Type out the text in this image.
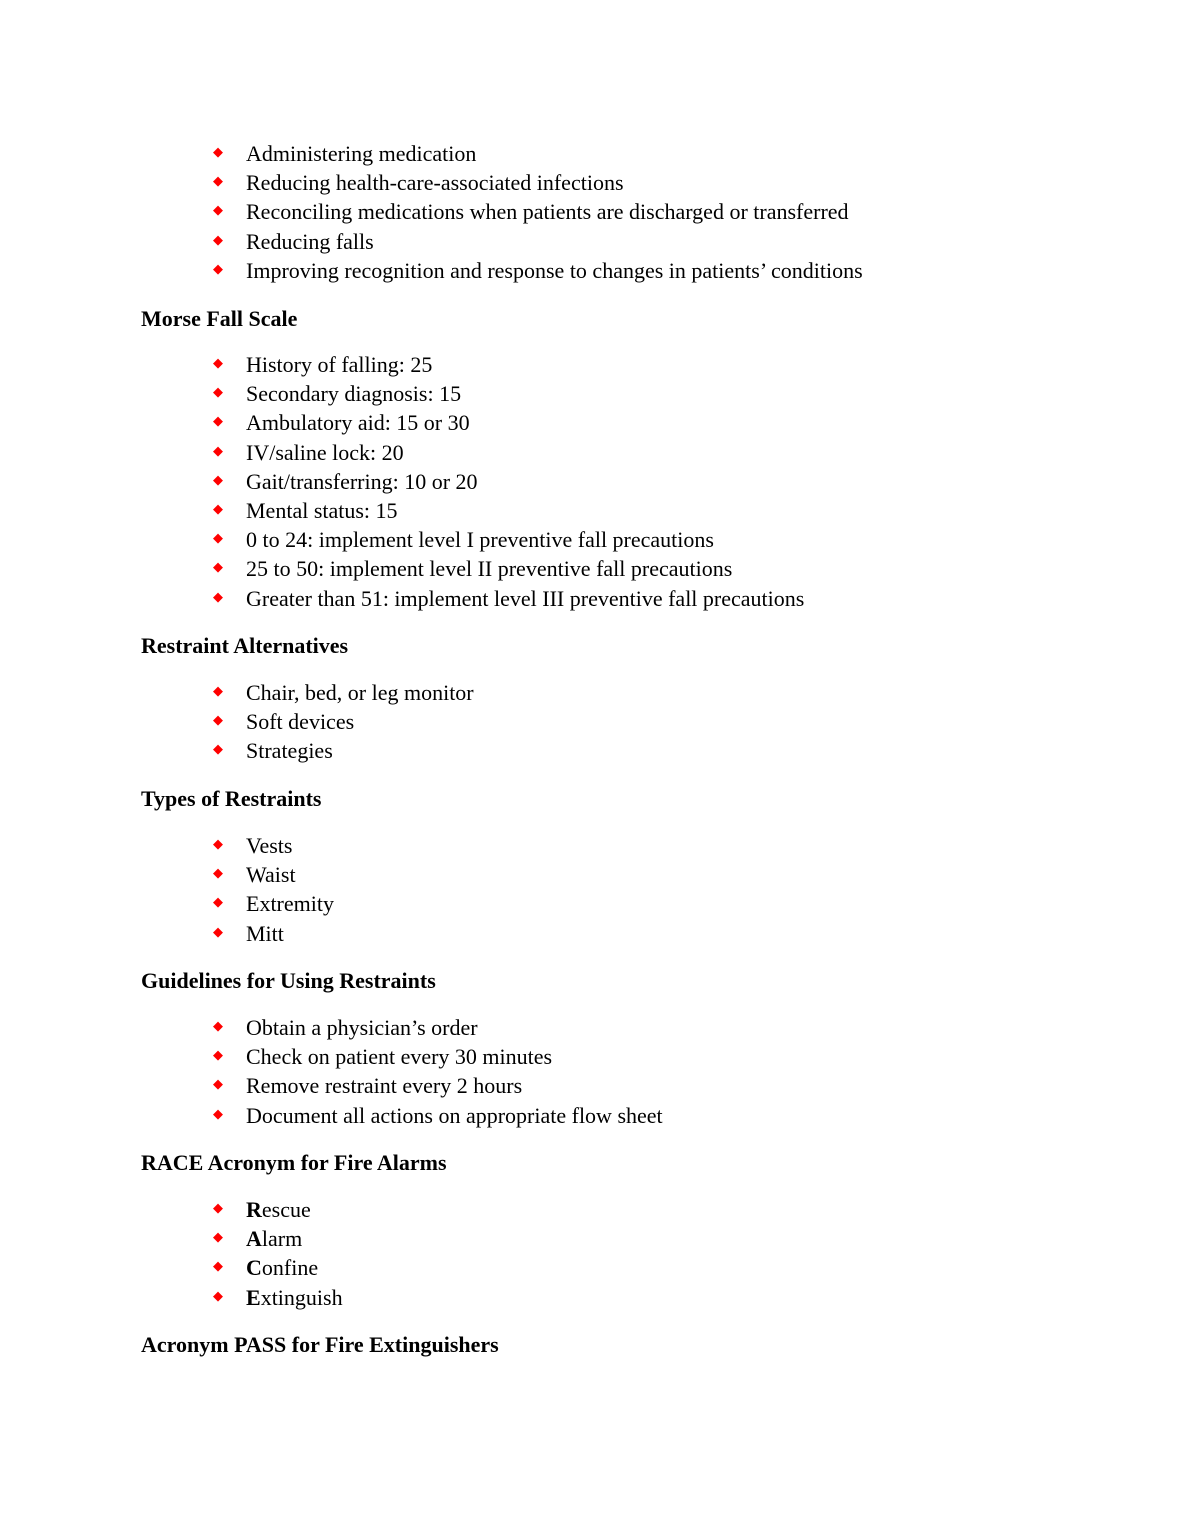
◆ Administering medication
◆ Reducing health-care-associated infections
◆ Reconciling medications when patients are discharged or transferred
◆ Reducing falls
◆ Improving recognition and response to changes in patients’ conditions
Morse Fall Scale
◆ History of falling: 25
◆ Secondary diagnosis: 15
◆ Ambulatory aid: 15 or 30
◆ IV/saline lock: 20
◆ Gait/transferring: 10 or 20
◆ Mental status: 15
◆ 0 to 24: implement level I preventive fall precautions
◆ 25 to 50: implement level II preventive fall precautions
◆ Greater than 51: implement level III preventive fall precautions
Restraint Alternatives
◆ Chair, bed, or leg monitor
◆ Soft devices
◆ Strategies
Types of Restraints
◆ Vests
◆ Waist
◆ Extremity
◆ Mitt
Guidelines for Using Restraints
◆ Obtain a physician’s order
◆ Check on patient every 30 minutes
◆ Remove restraint every 2 hours
◆ Document all actions on appropriate flow sheet
RACE Acronym for Fire Alarms
◆ Rescue
◆ Alarm
◆ Confine
◆ Extinguish
Acronym PASS for Fire Extinguishers
